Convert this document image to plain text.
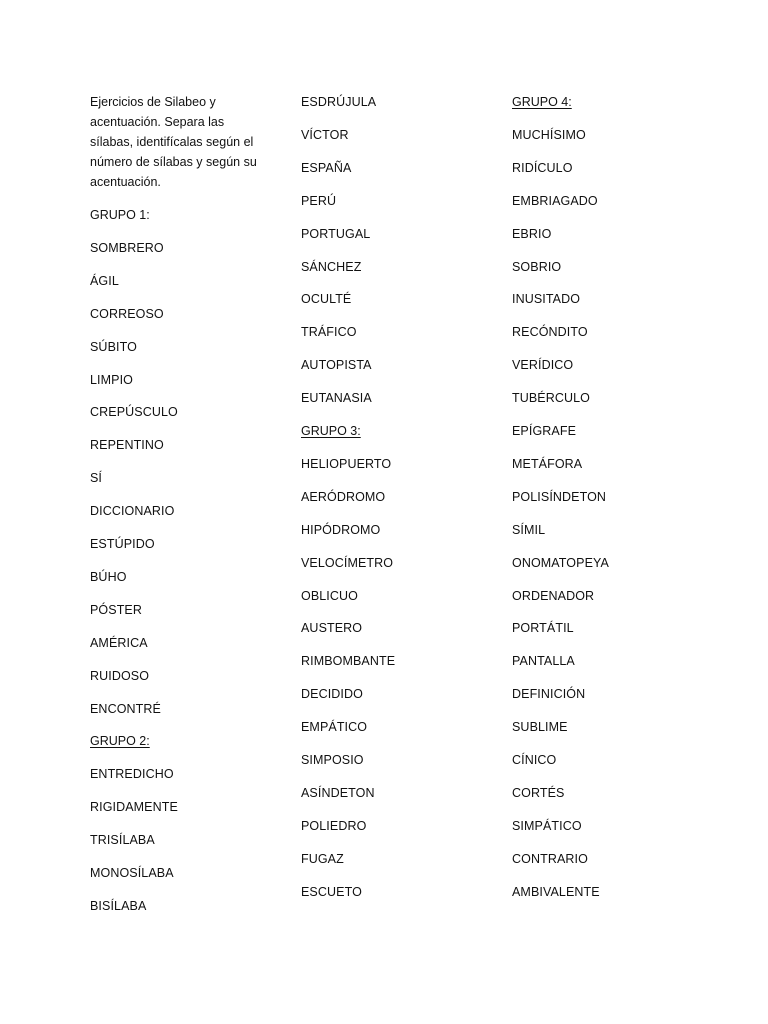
Ejercicios de Silabeo y acentuación. Separa las sílabas, identifícalas según el número de sílabas y según su acentuación.

GRUPO 1:
SOMBRERO
ÁGIL
CORREOSO
SÚBITO
LIMPIO
CREPÚSCULO
REPENTINO
SÍ
DICCIONARIO
ESTÚPIDO
BÚHO
PÓSTER
AMÉRICA
RUIDOSO
ENCONTRÉ
GRUPO 2:
ENTREDICHO
RIGIDAMENTE
TRISÍLABA
MONOSÍLABA
BISÍLABA
ESDRÚJULA
VÍCTOR
ESPAÑA
PERÚ
PORTUGAL
SÁNCHEZ
OCULTÉ
TRÁFICO
AUTOPISTA
EUTANASIA
GRUPO 3:
HELIOPUERTO
AERÓDROMO
HIPÓDROMO
VELOCÍMETRO
OBLICUO
AUSTERO
RIMBOMBANTE
DECIDIDO
EMPÁTICO
SIMPOSIO
ASÍNDETON
POLIEDRO
FUGAZ
ESCUETO
GRUPO 4:
MUCHÍSIMO
RIDÍCULO
EMBRIAGADO
EBRIO
SOBRIO
INUSITADO
RECÓNDITO
VERÍDICO
TUBÉRCULO
EPÍGRAFE
METÁFORA
POLISÍNDETON
SÍMIL
ONOMATOPEYA
ORDENADOR
PORTÁTIL
PANTALLA
DEFINICIÓN
SUBLIME
CÍNICO
CORTÉS
SIMPÁTICO
CONTRARIO
AMBIVALENTE
